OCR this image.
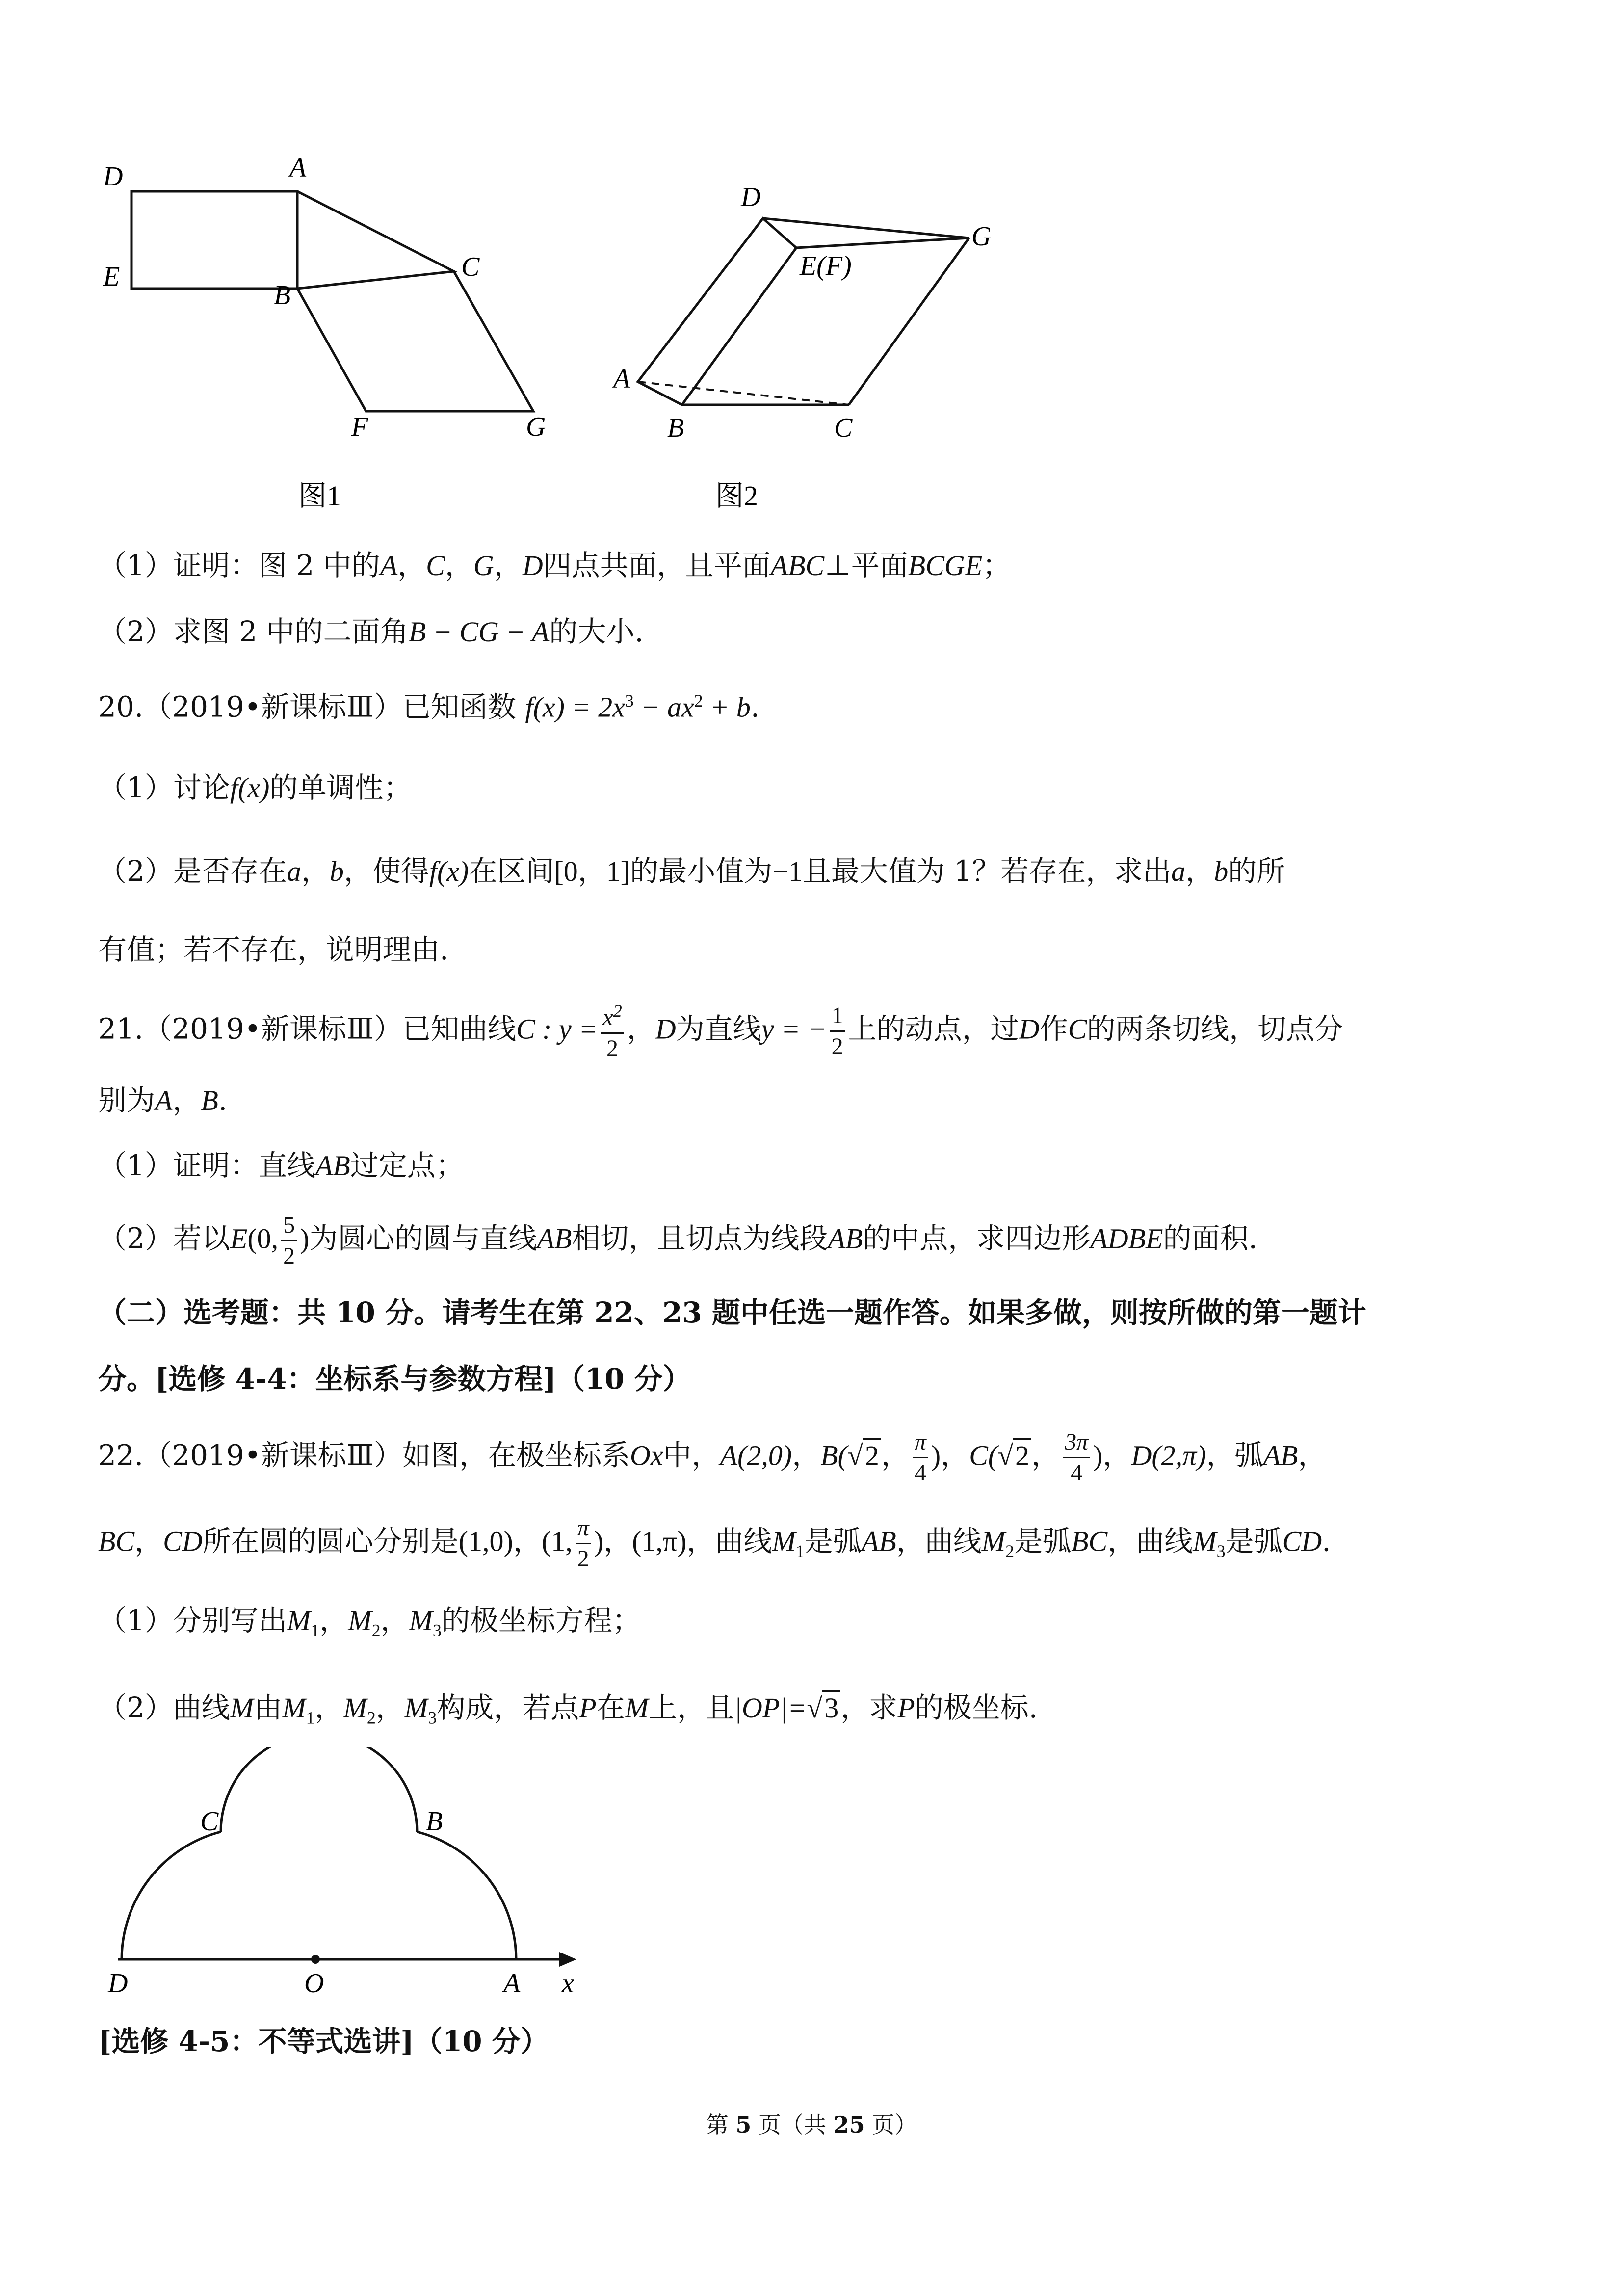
D	A
E
B
C
F	G
图1
D
E(F)
G
A
B	C
图2
（1）证明：图 2 中的A，C，G，D四点共面，且平面ABC⊥平面BCGE；
（2）求图 2 中的二面角B − CG − A的大小.
20.（2019•新课标Ⅲ）已知函数 $f(x) = 2x^3 - ax^2 + b$.
（1）讨论f(x)的单调性；
（2）是否存在a，b，使得f(x)在区间[0，1]的最小值为−1且最大值为 1？若存在，求出a，b的所
有值；若不存在，说明理由.
21.（2019•新课标Ⅲ）已知曲线C : $y = \frac{x^2}{2}$ ，D为直线y = − $\frac{1}{2}$ 上的动点，过D作C的两条切线，切点分
别为A，B.
（1）证明：直线AB过定点；
（2）若以E(0, $\frac{5}{2}$ )为圆心的圆与直线AB相切，且切点为线段AB的中点，求四边形ADBE的面积.
（二）选考题：共 10 分。请考生在第 22、23 题中任选一题作答。如果多做，则按所做的第一题计
分。[选修 4-4：坐标系与参数方程]（10 分）
22.（2019•新课标Ⅲ）如图，在极坐标系Ox中，A(2,0)，B(√2， $\frac{\pi}{4}$ )，C(√2， $\frac{3\pi}{4}$ )，D(2,π)，弧AB，
BC，CD所在圆的圆心分别是(1,0)，(1, $\frac{\pi}{2}$ )，(1,π)，曲线$M_1$是弧AB，曲线$M_2$是弧BC，曲线$M_3$是弧CD.
（1）分别写出$M_1$，$M_2$，$M_3$的极坐标方程；
（2）曲线M由$M_1$，$M_2$，$M_3$构成，若点P在M上，且|OP|=√3，求P的极坐标.
C	B
D	O	A x
[选修 4-5：不等式选讲]（10 分）
第 5 页（共 25 页）
